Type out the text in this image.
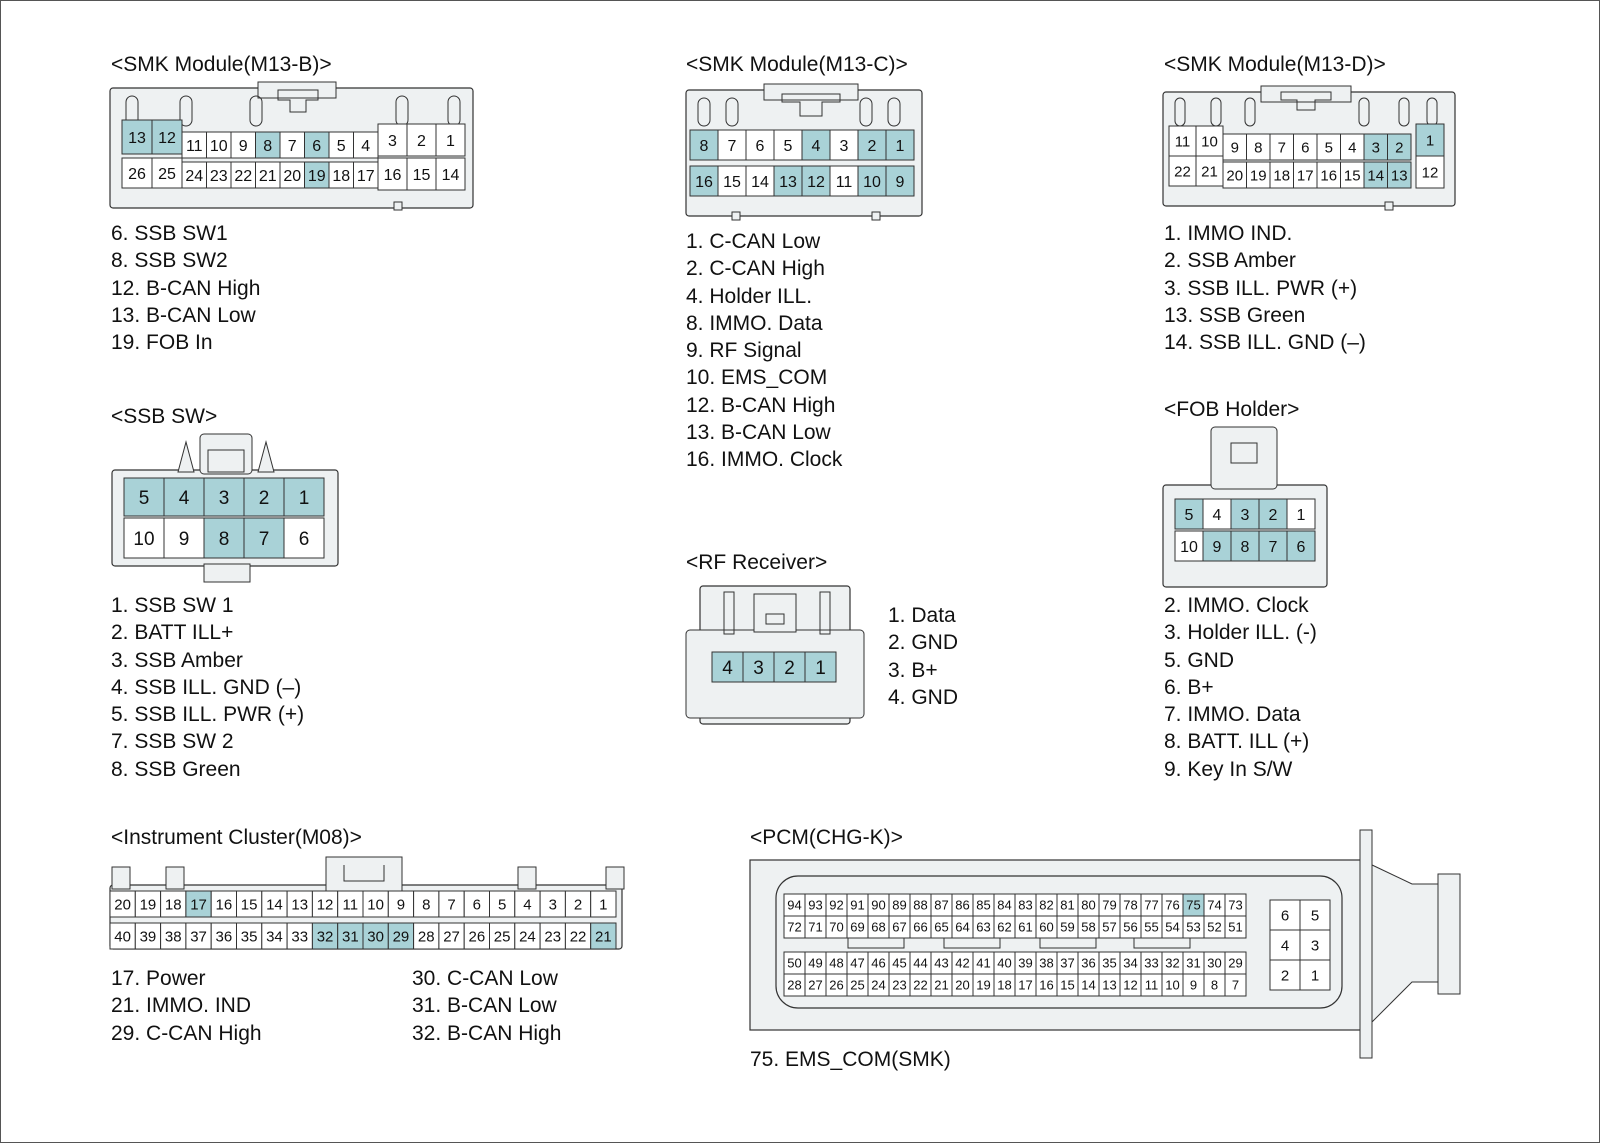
<SMK Module(M13-B)>
13 12
26 25
11
24
10
23
9
22
8
21
7
20
6
19
5
18
4
17
3
16
2
15
1
14
6. SSB SW1
8. SSB SW2
12. B-CAN High
13. B-CAN Low
19. FOB In
<SMK Module(M13-C)>
8 7 6 5 4 3 2 1
16 15 14 13 12 11 10 9
1. C-CAN Low
2. C-CAN High
4. Holder ILL.
8. IMMO. Data
9. RF Signal
10. EMS_COM
12. B-CAN High
13. B-CAN Low
16. IMMO. Clock
<SMK Module(M13-D)>
11
22
10
21
9
20
8
19
7
18
6
17
5
16
4
15
3
14
2
13
1
12
1. IMMO IND.
2. SSB Amber
3. SSB ILL. PWR (+)
13. SSB Green
14. SSB ILL. GND (–)
<SSB SW>
5 4 3 2 1
10 9 8 7 6
1. SSB SW 1
2. BATT ILL+
3. SSB Amber
4. SSB ILL. GND (–)
5. SSB ILL. PWR (+)
7. SSB SW 2
8. SSB Green
<RF Receiver>
4 3 2 1
1. Data
2. GND
3. B+
4. GND
<FOB Holder>
5 4 3 2 1
10 9 8 7 6
2. IMMO. Clock
3. Holder ILL. (-)
5. GND
6. B+
7. IMMO. Data
8. BATT. ILL (+)
9. Key In S/W
<Instrument Cluster(M08)>
20 19 18 17 16 15 14 13 12 11 10 9 8 7 6 5 4 3 2 1
40 39 38 37 36 35 34 33 32 31 30 29 28 27 26 25 24 23 22 21
17. Power
21. IMMO. IND
29. C-CAN High
30. C-CAN Low
31. B-CAN Low
32. B-CAN High
<PCM(CHG-K)>
94 93 92 91 90 89 88 87 86 85 84 83 82 81 80 79 78 77 76 75 74 73
72 71 70 69 68 67 66 65 64 63 62 61 60 59 58 57 56 55 54 53 52 51
50 49 48 47 46 45 44 43 42 41 40 39 38 37 36 35 34 33 32 31 30 29
28 27 26 25 24 23 22 21 20 19 18 17 16 15 14 13 12 11 10 9 8 7
6 5
4 3
2 1
75. EMS_COM(SMK)
